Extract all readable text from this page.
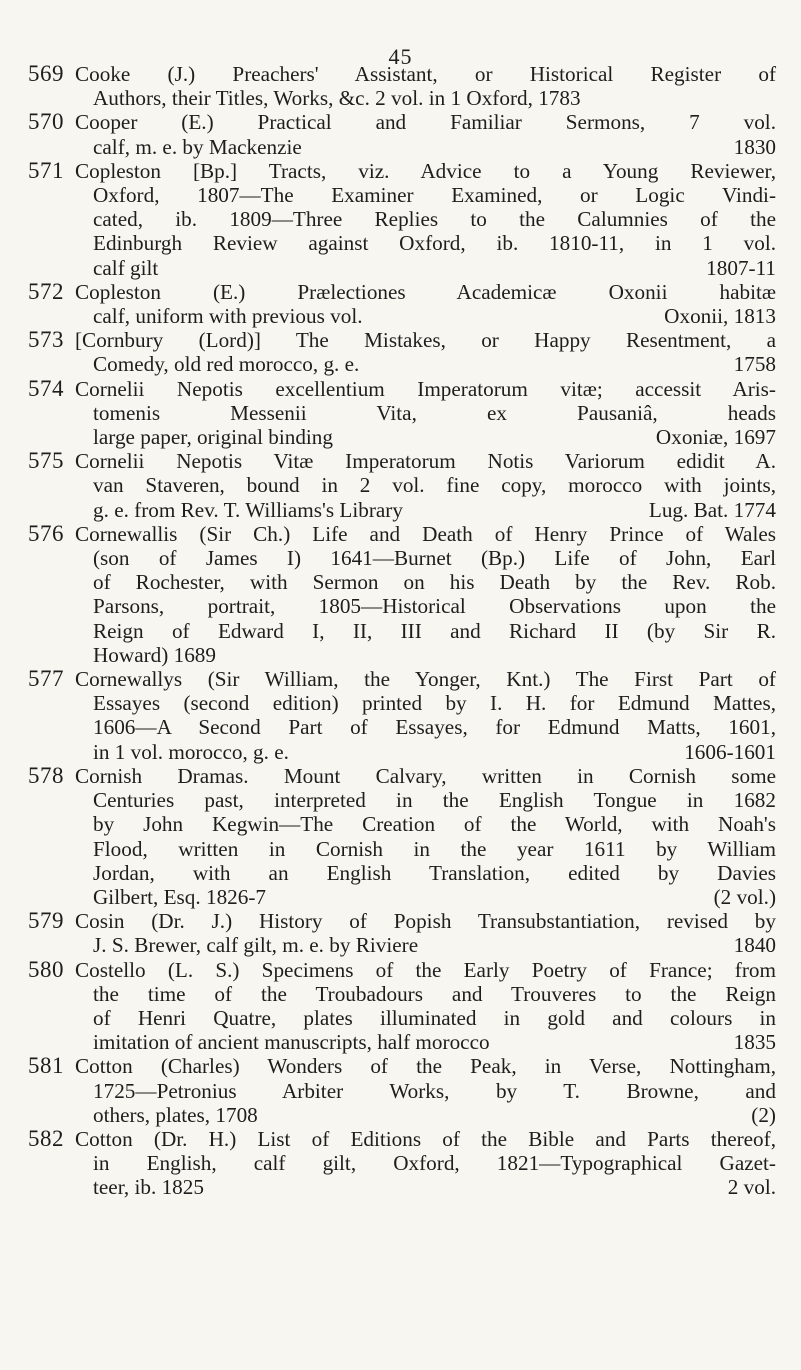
45
569 Cooke (J.) Preachers' Assistant, or Historical Register of
Authors, their Titles, Works, &c. 2 vol. in 1 Oxford, 1783
570 Cooper (E.) Practical and Familiar Sermons, 7 vol.
calf, m. e. by Mackenzie	1830
571 Copleston [Bp.] Tracts, viz. Advice to a Young Reviewer,
Oxford, 1807—The Examiner Examined, or Logic Vindi-
cated, ib. 1809—Three Replies to the Calumnies of the
Edinburgh Review against Oxford, ib. 1810-11, in 1 vol.
calf gilt	1807-11
572 Copleston (E.) Prælectiones Academicæ Oxonii habitæ
calf, uniform with previous vol.	Oxonii, 1813
573 [Cornbury (Lord)] The Mistakes, or Happy Resentment, a
Comedy, old red morocco, g. e.	1758
574 Cornelii Nepotis excellentium Imperatorum vitæ; accessit Aris-
tomenis Messenii Vita, ex Pausaniâ, heads
large paper, original binding	Oxoniæ, 1697
575 Cornelii Nepotis Vitæ Imperatorum Notis Variorum edidit A.
van Staveren, bound in 2 vol. fine copy, morocco with joints,
g. e. from Rev. T. Williams's Library	Lug. Bat. 1774
576 Cornewallis (Sir Ch.) Life and Death of Henry Prince of Wales
(son of James I) 1641—Burnet (Bp.) Life of John, Earl
of Rochester, with Sermon on his Death by the Rev. Rob.
Parsons, portrait, 1805—Historical Observations upon the
Reign of Edward I, II, III and Richard II (by Sir R.
Howard) 1689
577 Cornewallys (Sir William, the Yonger, Knt.) The First Part of
Essayes (second edition) printed by I. H. for Edmund Mattes,
1606—A Second Part of Essayes, for Edmund Matts, 1601,
in 1 vol. morocco, g. e.	1606-1601
578 Cornish Dramas. Mount Calvary, written in Cornish some
Centuries past, interpreted in the English Tongue in 1682
by John Kegwin—The Creation of the World, with Noah's
Flood, written in Cornish in the year 1611 by William
Jordan, with an English Translation, edited by Davies
Gilbert, Esq. 1826-7	(2 vol.)
579 Cosin (Dr. J.) History of Popish Transubstantiation, revised by
J. S. Brewer, calf gilt, m. e. by Riviere	1840
580 Costello (L. S.) Specimens of the Early Poetry of France; from
the time of the Troubadours and Trouveres to the Reign
of Henri Quatre, plates illuminated in gold and colours in
imitation of ancient manuscripts, half morocco	1835
581 Cotton (Charles) Wonders of the Peak, in Verse, Nottingham,
1725—Petronius Arbiter Works, by T. Browne, and
others, plates, 1708	(2)
582 Cotton (Dr. H.) List of Editions of the Bible and Parts thereof,
in English, calf gilt, Oxford, 1821—Typographical Gazet-
teer, ib. 1825	2 vol.
